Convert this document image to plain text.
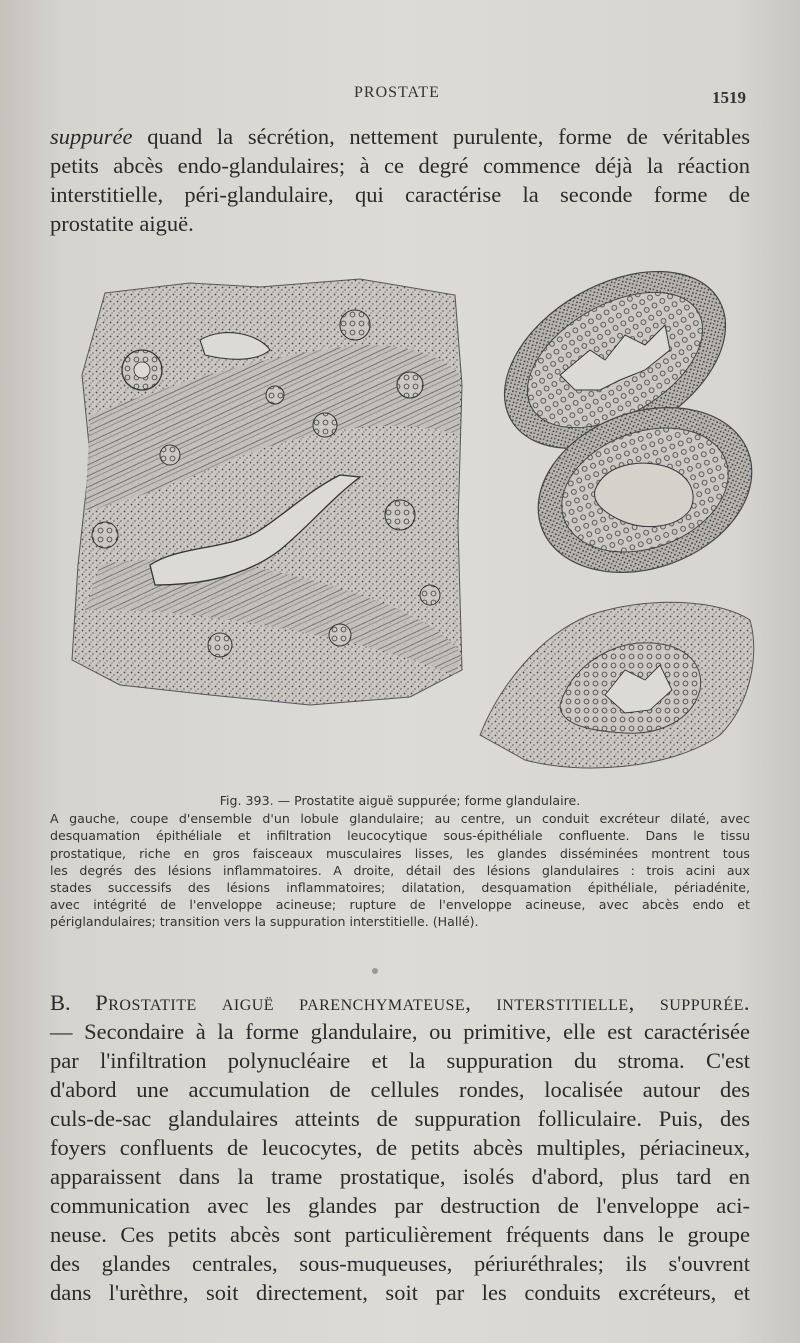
PROSTATE	1519
suppurée quand la sécrétion, nettement purulente, forme de véritables
petits abcès endo-glandulaires; à ce degré commence déjà la réaction
interstitielle, péri-glandulaire, qui caractérise la seconde forme de
prostatite aiguë.
Fig. 393. — Prostatite aiguë suppurée; forme glandulaire.
A gauche, coupe d'ensemble d'un lobule glandulaire; au centre, un conduit excréteur dilaté, avec
desquamation épithéliale et infiltration leucocytique sous-épithéliale confluente. Dans le tissu
prostatique, riche en gros faisceaux musculaires lisses, les glandes disséminées montrent tous
les degrés des lésions inflammatoires. A droite, détail des lésions glandulaires : trois acini aux
stades successifs des lésions inflammatoires; dilatation, desquamation épithéliale, périadénite,
avec intégrité de l'enveloppe acineuse; rupture de l'enveloppe acineuse, avec abcès endo et
périglandulaires; transition vers la suppuration interstitielle. (Hallé).
B. Prostatite aiguë parenchymateuse, interstitielle, suppurée.
— Secondaire à la forme glandulaire, ou primitive, elle est caractérisée
par l'infiltration polynucléaire et la suppuration du stroma. C'est
d'abord une accumulation de cellules rondes, localisée autour des
culs-de-sac glandulaires atteints de suppuration folliculaire. Puis, des
foyers confluents de leucocytes, de petits abcès multiples, périacineux,
apparaissent dans la trame prostatique, isolés d'abord, plus tard en
communication avec les glandes par destruction de l'enveloppe aci-
neuse. Ces petits abcès sont particulièrement fréquents dans le groupe
des glandes centrales, sous-muqueuses, périuréthrales; ils s'ouvrent
dans l'urèthre, soit directement, soit par les conduits excréteurs, et
